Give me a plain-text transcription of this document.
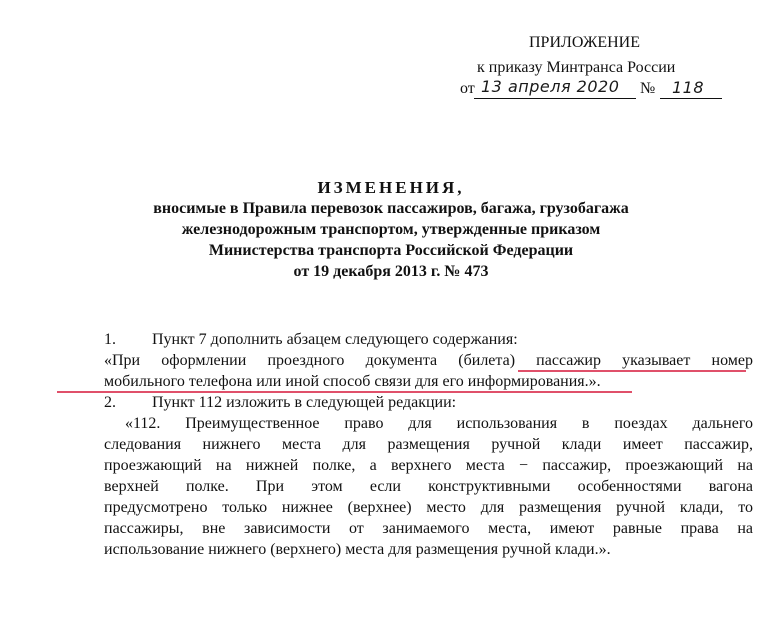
ПРИЛОЖЕНИЕ
к приказу Минтранса России
от 13 апреля 2020 № 118
ИЗМЕНЕНИЯ,
вносимые в Правила перевозок пассажиров, багажа, грузобагажа
железнодорожным транспортом, утвержденные приказом
Министерства транспорта Российской Федерации
от 19 декабря 2013 г. № 473
1. Пункт 7 дополнить абзацем следующего содержания:
«При оформлении проездного документа (билета) пассажир указывает номер
мобильного телефона или иной способ связи для его информирования.».
2. Пункт 112 изложить в следующей редакции:
«112. Преимущественное право для использования в поездах дальнего
следования нижнего места для размещения ручной клади имеет пассажир,
проезжающий на нижней полке, а верхнего места − пассажир, проезжающий на
верхней полке. При этом если конструктивными особенностями вагона
предусмотрено только нижнее (верхнее) место для размещения ручной клади, то
пассажиры, вне зависимости от занимаемого места, имеют равные права на
использование нижнего (верхнего) места для размещения ручной клади.».
